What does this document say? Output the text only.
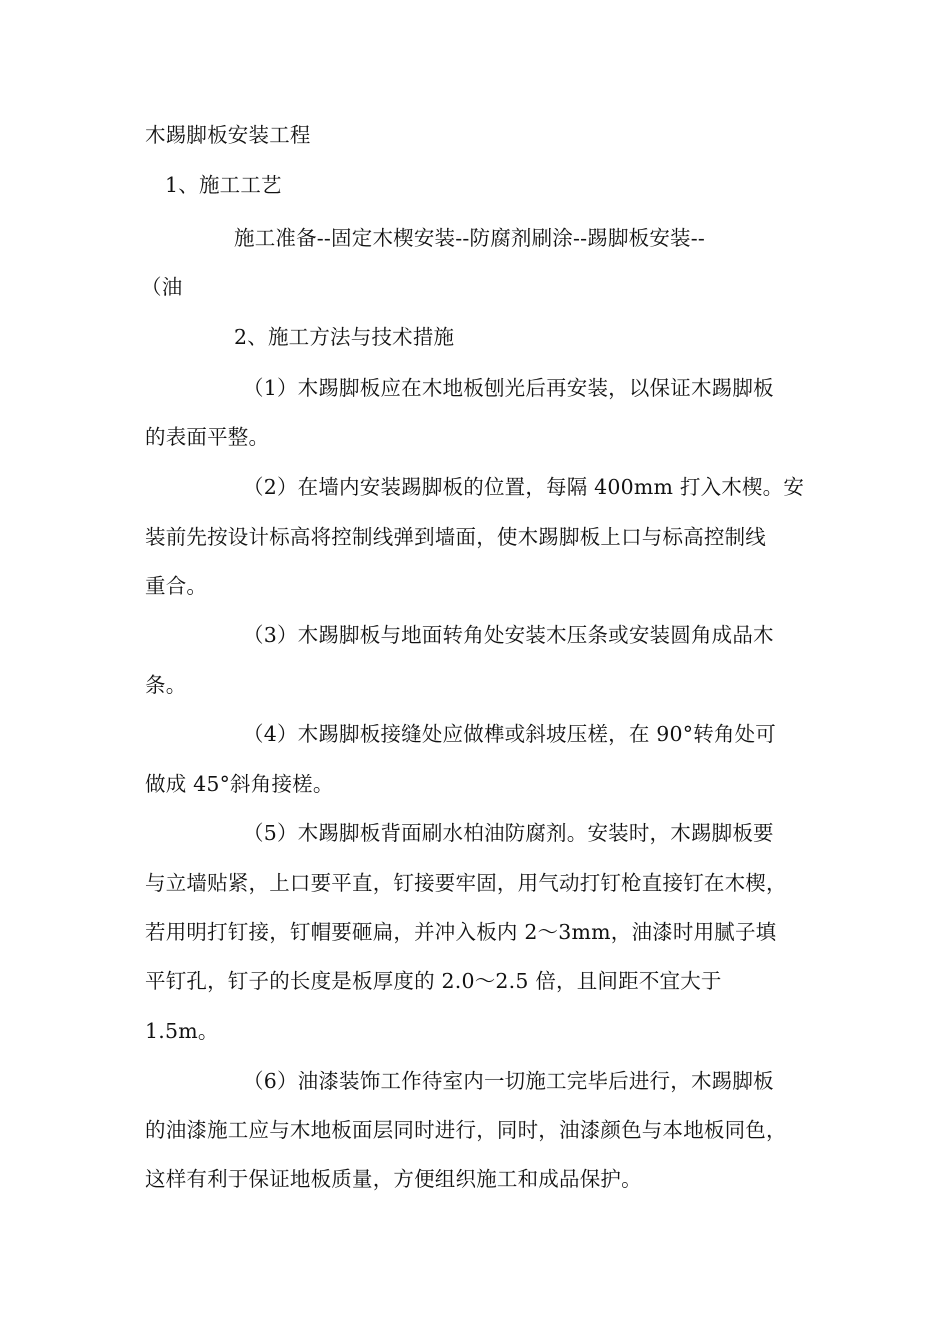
木踢脚板安装工程
1、施工工艺
施工准备--固定木楔安装--防腐剂刷涂--踢脚板安装--
（油
2、施工方法与技术措施
（1）木踢脚板应在木地板刨光后再安装，以保证木踢脚板
的表面平整。
（2）在墙内安装踢脚板的位置，每隔 400mm 打入木楔。安
装前先按设计标高将控制线弹到墙面，使木踢脚板上口与标高控制线
重合。
（3）木踢脚板与地面转角处安装木压条或安装圆角成品木
条。
（4）木踢脚板接缝处应做榫或斜坡压槎，在 90°转角处可
做成 45°斜角接槎。
（5）木踢脚板背面刷水柏油防腐剂。安装时，木踢脚板要
与立墙贴紧，上口要平直，钉接要牢固，用气动打钉枪直接钉在木楔，
若用明打钉接，钉帽要砸扁，并冲入板内 2～3mm，油漆时用腻子填
平钉孔，钉子的长度是板厚度的 2.0～2.5 倍，且间距不宜大于
1.5m。
（6）油漆装饰工作待室内一切施工完毕后进行，木踢脚板
的油漆施工应与木地板面层同时进行，同时，油漆颜色与本地板同色，
这样有利于保证地板质量，方便组织施工和成品保护。
